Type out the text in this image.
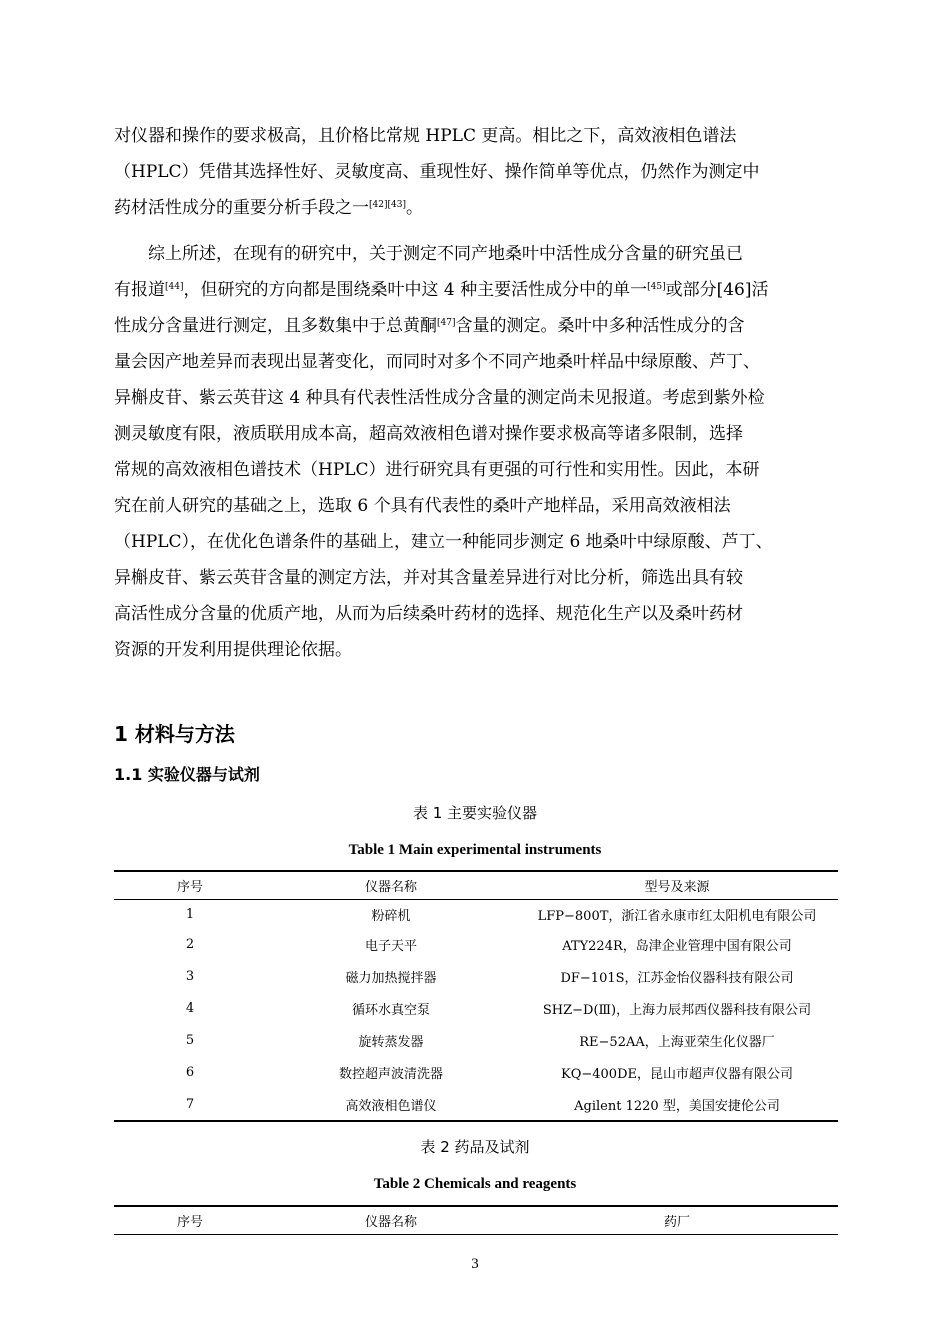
对仪器和操作的要求极高，且价格比常规 HPLC 更高。相比之下，高效液相色谱法
（HPLC）凭借其选择性好、灵敏度高、重现性好、操作简单等优点，仍然作为测定中
药材活性成分的重要分析手段之一[42][43]。

综上所述，在现有的研究中，关于测定不同产地桑叶中活性成分含量的研究虽已
有报道[44]，但研究的方向都是围绕桑叶中这 4 种主要活性成分中的单一[45]或部分[46]活
性成分含量进行测定，且多数集中于总黄酮[47]含量的测定。桑叶中多种活性成分的含
量会因产地差异而表现出显著变化，而同时对多个不同产地桑叶样品中绿原酸、芦丁、
异槲皮苷、紫云英苷这 4 种具有代表性活性成分含量的测定尚未见报道。考虑到紫外检
测灵敏度有限，液质联用成本高，超高效液相色谱对操作要求极高等诸多限制，选择
常规的高效液相色谱技术（HPLC）进行研究具有更强的可行性和实用性。因此，本研
究在前人研究的基础之上，选取 6 个具有代表性的桑叶产地样品，采用高效液相法
（HPLC），在优化色谱条件的基础上，建立一种能同步测定 6 地桑叶中绿原酸、芦丁、
异槲皮苷、紫云英苷含量的测定方法，并对其含量差异进行对比分析，筛选出具有较
高活性成分含量的优质产地，从而为后续桑叶药材的选择、规范化生产以及桑叶药材
资源的开发利用提供理论依据。

1 材料与方法
1.1 实验仪器与试剂

表 1 主要实验仪器

Table 1 Main experimental instruments

序号	仪器名称	型号及来源
1	粉碎机	LFP−800T，浙江省永康市红太阳机电有限公司
2	电子天平	ATY224R，岛津企业管理中国有限公司
3	磁力加热搅拌器	DF−101S，江苏金怡仪器科技有限公司
4	循环水真空泵	SHZ−D(Ⅲ)，上海力辰邦西仪器科技有限公司
5	旋转蒸发器	RE−52AA，上海亚荣生化仪器厂
6	数控超声波清洗器	KQ−400DE，昆山市超声仪器有限公司
7	高效液相色谱仪	Agilent 1220 型，美国安捷伦公司

表 2 药品及试剂

Table 2 Chemicals and reagents

序号	仪器名称	药厂
3
